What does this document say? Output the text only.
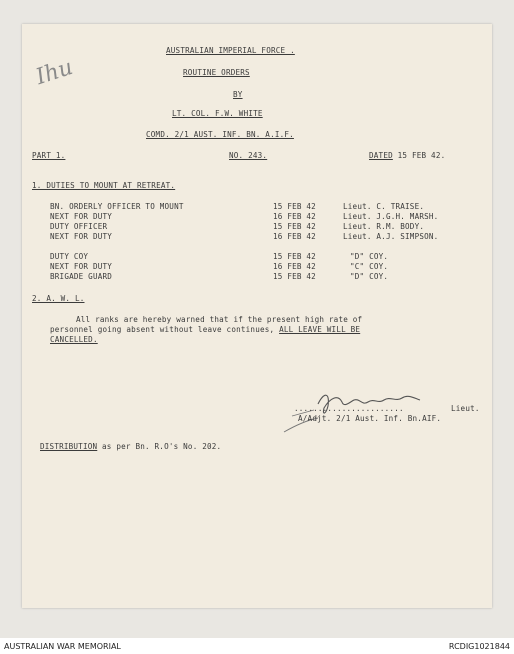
Ihu
AUSTRALIAN IMPERIAL FORCE .
ROUTINE ORDERS
BY
LT. COL. F.W. WHITE
COMD. 2/1 AUST. INF. BN. A.I.F.
PART 1.	NO. 243.	DATED 15 FEB 42.
1. DUTIES TO MOUNT AT RETREAT.
BN. ORDERLY OFFICER TO MOUNT	15 FEB 42	Lieut. C. TRAISE.
NEXT FOR DUTY	16 FEB 42	Lieut. J.G.H. MARSH.
DUTY OFFICER	15 FEB 42	Lieut. R.M. BODY.
NEXT FOR DUTY	16 FEB 42	Lieut. A.J. SIMPSON.
DUTY COY	15 FEB 42	"D" COY.
NEXT FOR DUTY	16 FEB 42	"C" COY.
BRIGADE GUARD	15 FEB 42	"D" COY.
2. A. W. L.
All ranks are hereby warned that if the present high rate of
personnel going absent without leave continues, ALL LEAVE WILL BE
CANCELLED.
.......................	Lieut.
A/Adjt. 2/1 Aust. Inf. Bn.AIF.
DISTRIBUTION as per Bn. R.O's No. 202.
AUSTRALIAN WAR MEMORIAL	RCDIG1021844
